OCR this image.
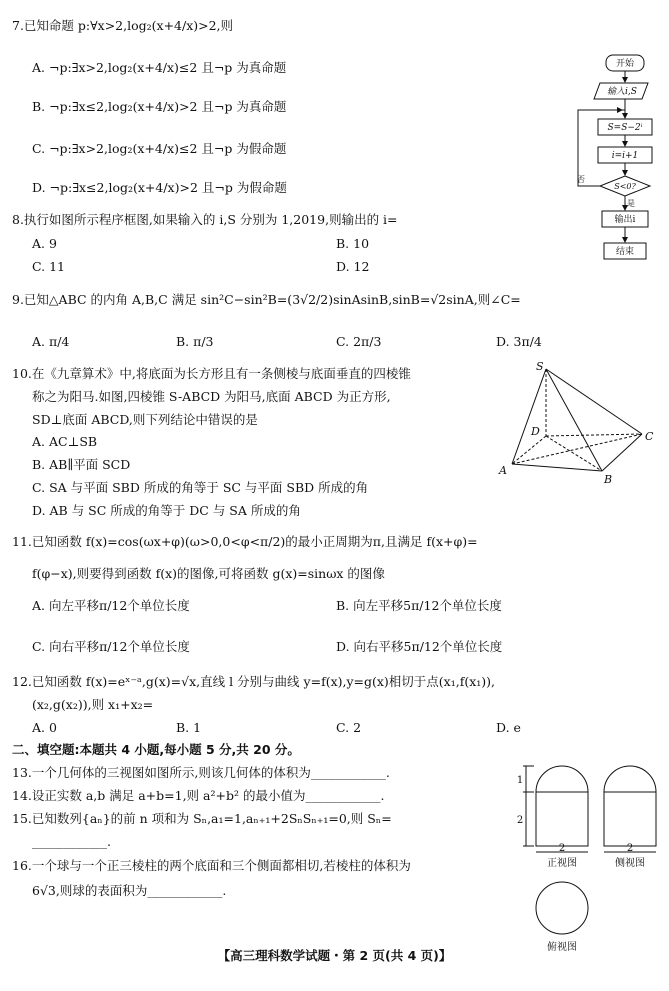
7.已知命题 p:∀x>2,log₂(x+4/x)>2,则
A. ¬p:∃x>2,log₂(x+4/x)≤2 且¬p 为真命题
B. ¬p:∃x≤2,log₂(x+4/x)>2 且¬p 为真命题
C. ¬p:∃x>2,log₂(x+4/x)≤2 且¬p 为假命题
D. ¬p:∃x≤2,log₂(x+4/x)>2 且¬p 为假命题
8.执行如图所示程序框图,如果输入的 i,S 分别为 1,2019,则输出的 i=
A. 9	B. 10
C. 11	D. 12
9.已知△ABC 的内角 A,B,C 满足 sin²C−sin²B=(3√2/2)sinAsinB,sinB=√2sinA,则∠C=
A. π/4	B. π/3	C. 2π/3	D. 3π/4
10.在《九章算术》中,将底面为长方形且有一条侧棱与底面垂直的四棱锥
称之为阳马.如图,四棱锥 S-ABCD 为阳马,底面 ABCD 为正方形,
SD⊥底面 ABCD,则下列结论中错误的是
A. AC⊥SB
B. AB∥平面 SCD
C. SA 与平面 SBD 所成的角等于 SC 与平面 SBD 所成的角
D. AB 与 SC 所成的角等于 DC 与 SA 所成的角
11.已知函数 f(x)=cos(ωx+φ)(ω>0,0<φ<π/2)的最小正周期为π,且满足 f(x+φ)=
f(φ−x),则要得到函数 f(x)的图像,可将函数 g(x)=sinωx 的图像
A. 向左平移π/12个单位长度	B. 向左平移5π/12个单位长度
C. 向右平移π/12个单位长度	D. 向右平移5π/12个单位长度
12.已知函数 f(x)=eˣ⁻ᵃ,g(x)=√x,直线 l 分别与曲线 y=f(x),y=g(x)相切于点(x₁,f(x₁)),
(x₂,g(x₂)),则 x₁+x₂=
A. 0	B. 1	C. 2	D. e
二、填空题:本题共 4 小题,每小题 5 分,共 20 分。
13.一个几何体的三视图如图所示,则该几何体的体积为____________.
14.设正实数 a,b 满足 a+b=1,则 a²+b² 的最小值为____________.
15.已知数列{aₙ}的前 n 项和为 Sₙ,a₁=1,aₙ₊₁+2SₙSₙ₊₁=0,则 Sₙ=
____________.
16.一个球与一个正三棱柱的两个底面和三个侧面都相切,若棱柱的体积为
6√3,则球的表面积为____________.
开始
输入i,S
S=S−2ⁱ
i=i+1
S<0?
是
否
输出i
结束
S
D	C
A
B
1
2
2	2
正视图	侧视图
俯视图
【高三理科数学试题・第 2 页(共 4 页)】
